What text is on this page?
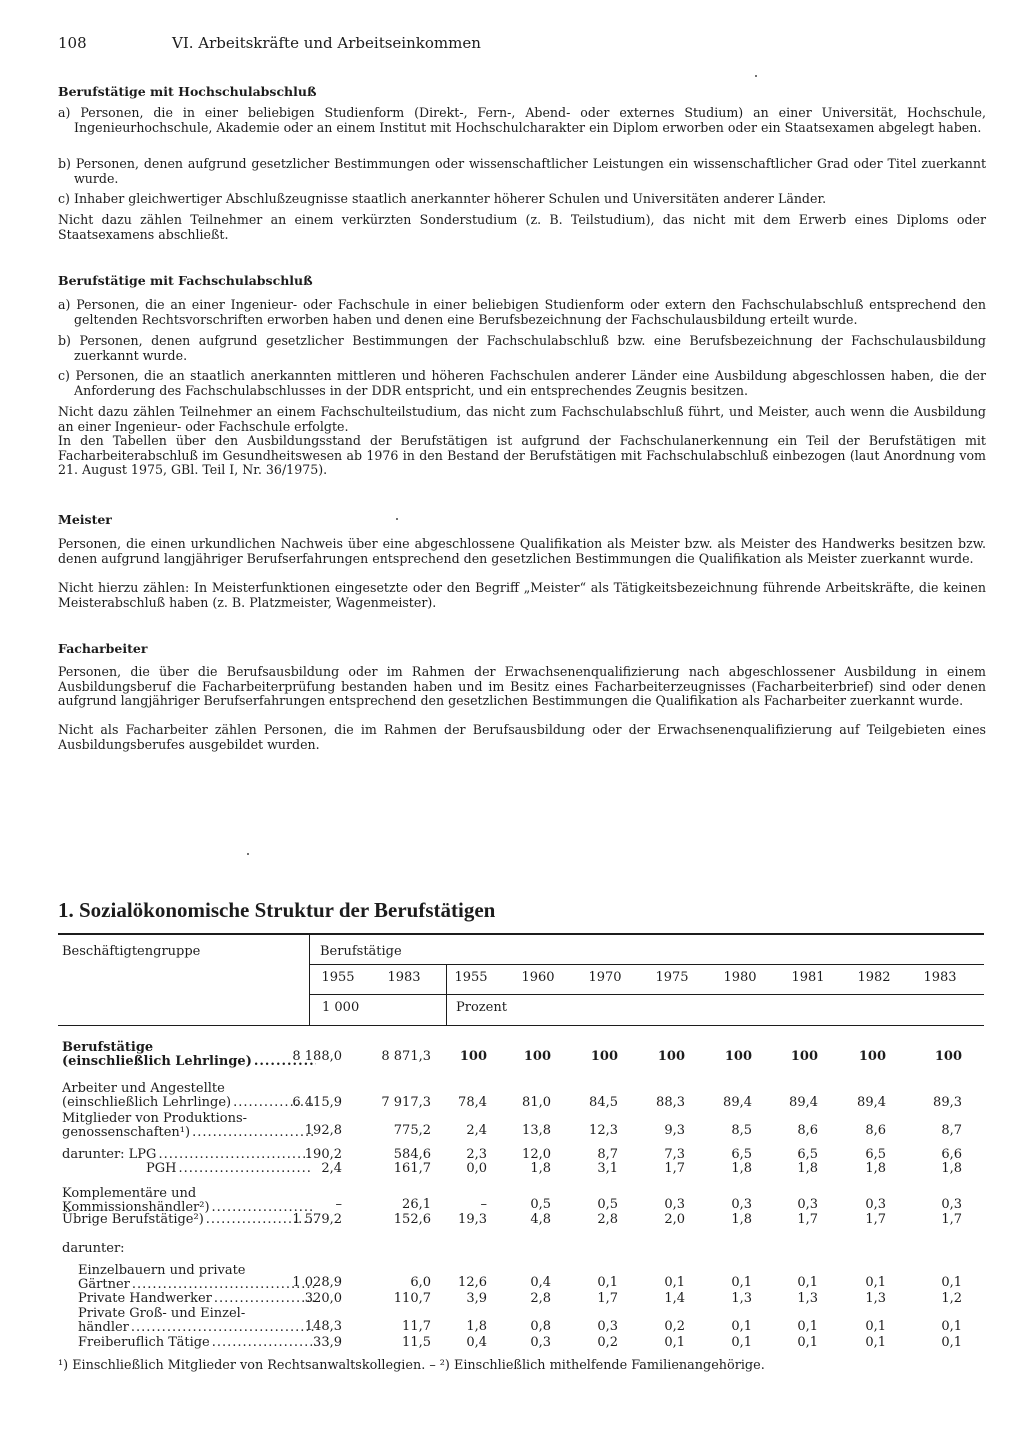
108	VI. Arbeitskräfte und Arbeitseinkommen
Berufstätige mit Hochschulabschluß
a) Personen, die in einer beliebigen Studienform (Direkt-, Fern-, Abend- oder externes Studium) an einer Universität, Hochschule, Ingenieurhochschule, Akademie oder an einem Institut mit Hochschulcharakter ein Diplom erworben oder ein Staatsexamen abgelegt haben.
b) Personen, denen aufgrund gesetzlicher Bestimmungen oder wissenschaftlicher Leistungen ein wissenschaftlicher Grad oder Titel zuerkannt wurde.
c) Inhaber gleichwertiger Abschlußzeugnisse staatlich anerkannter höherer Schulen und Universitäten anderer Länder.
Nicht dazu zählen Teilnehmer an einem verkürzten Sonderstudium (z. B. Teilstudium), das nicht mit dem Erwerb eines Diploms oder Staatsexamens abschließt.
Berufstätige mit Fachschulabschluß
a) Personen, die an einer Ingenieur- oder Fachschule in einer beliebigen Studienform oder extern den Fachschulabschluß entsprechend den geltenden Rechtsvorschriften erworben haben und denen eine Berufsbezeichnung der Fachschulausbildung erteilt wurde.
b) Personen, denen aufgrund gesetzlicher Bestimmungen der Fachschulabschluß bzw. eine Berufsbezeichnung der Fachschulausbildung zuerkannt wurde.
c) Personen, die an staatlich anerkannten mittleren und höheren Fachschulen anderer Länder eine Ausbildung abgeschlossen haben, die der Anforderung des Fachschulabschlusses in der DDR entspricht, und ein entsprechendes Zeugnis besitzen.
Nicht dazu zählen Teilnehmer an einem Fachschulteilstudium, das nicht zum Fachschulabschluß führt, und Meister, auch wenn die Ausbildung an einer Ingenieur- oder Fachschule erfolgte.
In den Tabellen über den Ausbildungsstand der Berufstätigen ist aufgrund der Fachschulanerkennung ein Teil der Berufstätigen mit Facharbeiterabschluß im Gesundheitswesen ab 1976 in den Bestand der Berufstätigen mit Fachschulabschluß einbezogen (laut Anordnung vom 21. August 1975, GBl. Teil I, Nr. 36/1975).
Meister
Personen, die einen urkundlichen Nachweis über eine abgeschlossene Qualifikation als Meister bzw. als Meister des Handwerks besitzen bzw. denen aufgrund langjähriger Berufserfahrungen entsprechend den gesetzlichen Bestimmungen die Qualifikation als Meister zuerkannt wurde.
Nicht hierzu zählen: In Meisterfunktionen eingesetzte oder den Begriff „Meister“ als Tätigkeitsbezeichnung führende Arbeitskräfte, die keinen Meisterabschluß haben (z. B. Platzmeister, Wagenmeister).
Facharbeiter
Personen, die über die Berufsausbildung oder im Rahmen der Erwachsenenqualifizierung nach abgeschlossener Ausbildung in einem Ausbildungsberuf die Facharbeiterprüfung bestanden haben und im Besitz eines Facharbeiterzeugnisses (Facharbeiterbrief) sind oder denen aufgrund langjähriger Berufserfahrungen entsprechend den gesetzlichen Bestimmungen die Qualifikation als Facharbeiter zuerkannt wurde.
Nicht als Facharbeiter zählen Personen, die im Rahmen der Berufsausbildung oder der Erwachsenenqualifizierung auf Teilgebieten eines Ausbildungsberufes ausgebildet wurden.
1. Sozialökonomische Struktur der Berufstätigen
Beschäftigtengruppe	Berufstätige
1955	1983	1955	1960	1970	1975	1980	1981	1982	1983
1 000	Prozent
Berufstätige
(einschließlich Lehrlinge) .....	8 188,0	8 871,3 100	100	100	100	100	100	100	100
Arbeiter und Angestellte
(einschließlich Lehrlinge) .....	6 415,9	7 917,3 78,4	81,0	84,5	88,3	89,4	89,4	89,4	89,3
Mitglieder von Produktions-
genossenschaften¹) .....	192,8	775,2	2,4	13,8	12,3	9,3	8,5	8,6	8,6	8,7
darunter: LPG .....	190,2	584,6	2,3	12,0	8,7	7,3	6,5	6,5	6,5	6,6
PGH .....	2,4	161,7	0,0	1,8	3,1	1,7	1,8	1,8	1,8	1,8
Komplementäre und
Kommissionshändler²) .....	–	26,1	–	0,5	0,5	0,3	0,3	0,3	0,3	0,3
Übrige Berufstätige²) .....	1 579,2	152,6 19,3	4,8	2,8	2,0	1,8	1,7	1,7	1,7
darunter:
Einzelbauern und private
Gärtner .....	1 028,9	6,0 12,6	0,4	0,1	0,1	0,1	0,1	0,1	0,1
Private Handwerker .....	320,0	110,7	3,9	2,8	1,7	1,4	1,3	1,3	1,3	1,2
Private Groß- und Einzel-
händler .....	148,3	11,7	1,8	0,8	0,3	0,2	0,1	0,1	0,1	0,1
Freiberuflich Tätige .....	33,9	11,5	0,4	0,3	0,2	0,1	0,1	0,1	0,1	0,1
¹) Einschließlich Mitglieder von Rechtsanwaltskollegien. – ²) Einschließlich mithelfende Familienangehörige.
